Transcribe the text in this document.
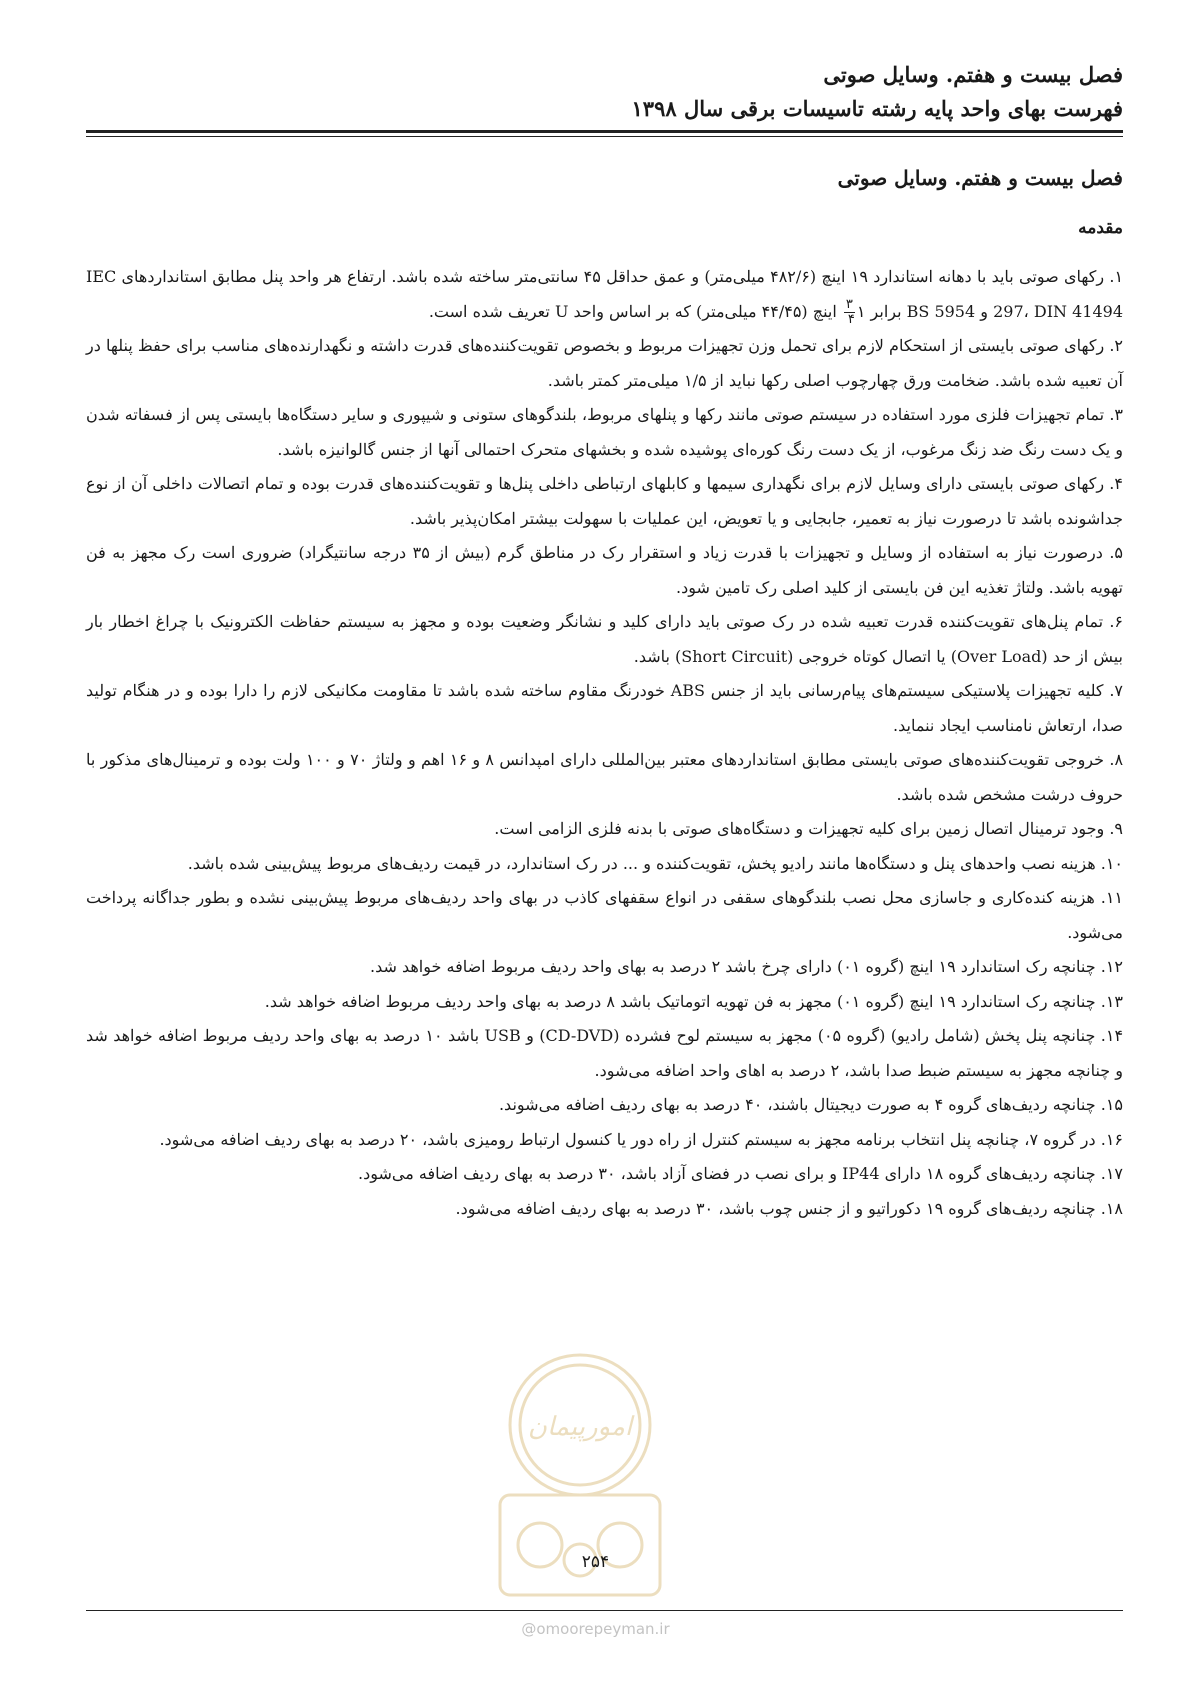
فصل بیست و هفتم. وسایل صوتی
فهرست بهای واحد پایه رشته تاسیسات برقی سال ۱۳۹۸
فصل بیست و هفتم. وسایل صوتی
مقدمه

۱. رکهای صوتی باید با دهانه استاندارد ۱۹ اینچ (۴۸۲/۶ میلی‌متر) و عمق حداقل ۴۵ سانتی‌متر ساخته شده باشد. ارتفاع هر واحد پنل مطابق استانداردهای IEC 297، DIN 41494 و BS 5954 برابر ۱
$\frac{۳}{۴}$
اینچ (۴۴/۴۵ میلی‌متر) که بر اساس واحد U تعریف شده است.

۲. رکهای صوتی بایستی از استحکام لازم برای تحمل وزن تجهیزات مربوط و بخصوص تقویت‌کننده‌های قدرت داشته و نگهدارنده‌های مناسب برای حفظ پنلها در آن تعبیه شده باشد. ضخامت ورق چهارچوب اصلی رکها نباید از ۱/۵ میلی‌متر کمتر باشد.

۳. تمام تجهیزات فلزی مورد استفاده در سیستم صوتی مانند رکها و پنلهای مربوط، بلندگوهای ستونی و شیپوری و سایر دستگاه‌ها بایستی پس از فسفاته شدن و یک دست رنگ ضد زنگ مرغوب، از یک دست رنگ کوره‌ای پوشیده شده و بخشهای متحرک احتمالی آنها از جنس گالوانیزه باشد.

۴. رکهای صوتی بایستی دارای وسایل لازم برای نگهداری سیمها و کابلهای ارتباطی داخلی پنل‌ها و تقویت‌کننده‌های قدرت بوده و تمام اتصالات داخلی آن از نوع جداشونده باشد تا درصورت نیاز به تعمیر، جابجایی و یا تعویض، این عملیات با سهولت بیشتر امکان‌پذیر باشد.

۵. درصورت نیاز به استفاده از وسایل و تجهیزات با قدرت زیاد و استقرار رک در مناطق گرم (بیش از ۳۵ درجه سانتیگراد) ضروری است رک مجهز به فن تهویه باشد. ولتاژ تغذیه این فن بایستی از کلید اصلی رک تامین شود.

۶. تمام پنل‌های تقویت‌کننده قدرت تعبیه شده در رک صوتی باید دارای کلید و نشانگر وضعیت بوده و مجهز به سیستم حفاظت الکترونیک با چراغ اخطار بار بیش از حد (Over Load) یا اتصال کوتاه خروجی (Short Circuit) باشد.

۷. کلیه تجهیزات پلاستیکی سیستم‌های پیام‌رسانی باید از جنس ABS خودرنگ مقاوم ساخته شده باشد تا مقاومت مکانیکی لازم را دارا بوده و در هنگام تولید صدا، ارتعاش نامناسب ایجاد ننماید.

۸. خروجی تقویت‌کننده‌های صوتی بایستی مطابق استانداردهای معتبر بین‌المللی دارای امپدانس ۸ و ۱۶ اهم و ولتاژ ۷۰ و ۱۰۰ ولت بوده و ترمینال‌های مذکور با حروف درشت مشخص شده باشد.

۹. وجود ترمینال اتصال زمین برای کلیه تجهیزات و دستگاه‌های صوتی با بدنه فلزی الزامی است.

۱۰. هزینه نصب واحدهای پنل و دستگاه‌ها مانند رادیو پخش، تقویت‌کننده و ... در رک استاندارد، در قیمت ردیف‌های مربوط پیش‌بینی شده باشد.

۱۱. هزینه کنده‌کاری و جاسازی محل نصب بلندگوهای سقفی در انواع سقفهای کاذب در بهای واحد ردیف‌های مربوط پیش‌بینی نشده و بطور جداگانه پرداخت می‌شود.

۱۲. چنانچه رک استاندارد ۱۹ اینچ (گروه ۰۱) دارای چرخ باشد ۲ درصد به بهای واحد ردیف مربوط اضافه خواهد شد.

۱۳. چنانچه رک استاندارد ۱۹ اینچ (گروه ۰۱) مجهز به فن تهویه اتوماتیک باشد ۸ درصد به بهای واحد ردیف مربوط اضافه خواهد شد.

۱۴. چنانچه پنل پخش (شامل رادیو) (گروه ۰۵) مجهز به سیستم لوح فشرده (CD-DVD) و USB باشد ۱۰ درصد به بهای واحد ردیف مربوط اضافه خواهد شد و چنانچه مجهز به سیستم ضبط صدا باشد، ۲ درصد به اهای واحد اضافه می‌شود.

۱۵. چنانچه ردیف‌های گروه ۴ به صورت دیجیتال باشند، ۴۰ درصد به بهای ردیف اضافه می‌شوند.

۱۶. در گروه ۷، چنانچه پنل انتخاب برنامه مجهز به سیستم کنترل از راه دور یا کنسول ارتباط رومیزی باشد، ۲۰ درصد به بهای ردیف اضافه می‌شود.

۱۷. چنانچه ردیف‌های گروه ۱۸ دارای IP44 و برای نصب در فضای آزاد باشد، ۳۰ درصد به بهای ردیف اضافه می‌شود.

۱۸. چنانچه ردیف‌های گروه ۱۹ دکوراتیو و از جنس چوب باشد، ۳۰ درصد به بهای ردیف اضافه می‌شود.

امورپیمان
۲۵۴
@omoorepeyman.ir
